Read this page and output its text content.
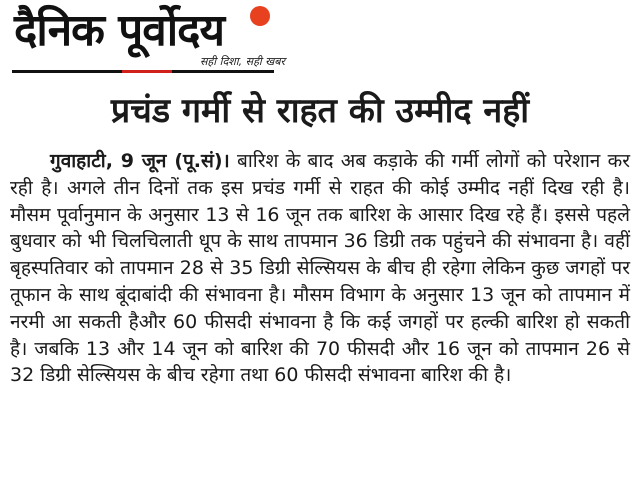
दैनिक पूर्वोदय
सही दिशा, सही खबर
प्रचंड गर्मी से राहत की उम्मीद नहीं
गुवाहाटी, 9 जून (पू.सं)। बारिश के बाद अब कड़ाके की गर्मी लोगों को परेशान कर रही है। अगले तीन दिनों तक इस प्रचंड गर्मी से राहत की कोई उम्मीद नहीं दिख रही है। मौसम पूर्वानुमान के अनुसार 13 से 16 जून तक बारिश के आसार दिख रहे हैं। इससे पहले बुधवार को भी चिलचिलाती धूप के साथ तापमान 36 डिग्री तक पहुंचने की संभावना है। वहीं बृहस्पतिवार को तापमान 28 से 35 डिग्री सेल्सियस के बीच ही रहेगा लेकिन कुछ जगहों पर तूफान के साथ बूंदाबांदी की संभावना है। मौसम विभाग के अनुसार 13 जून को तापमान में नरमी आ सकती हैऔर 60 फीसदी संभावना है कि कई जगहों पर हल्की बारिश हो सकती है। जबकि 13 और 14 जून को बारिश की 70 फीसदी और 16 जून को तापमान 26 से 32 डिग्री सेल्सियस के बीच रहेगा तथा 60 फीसदी संभावना बारिश की है।
